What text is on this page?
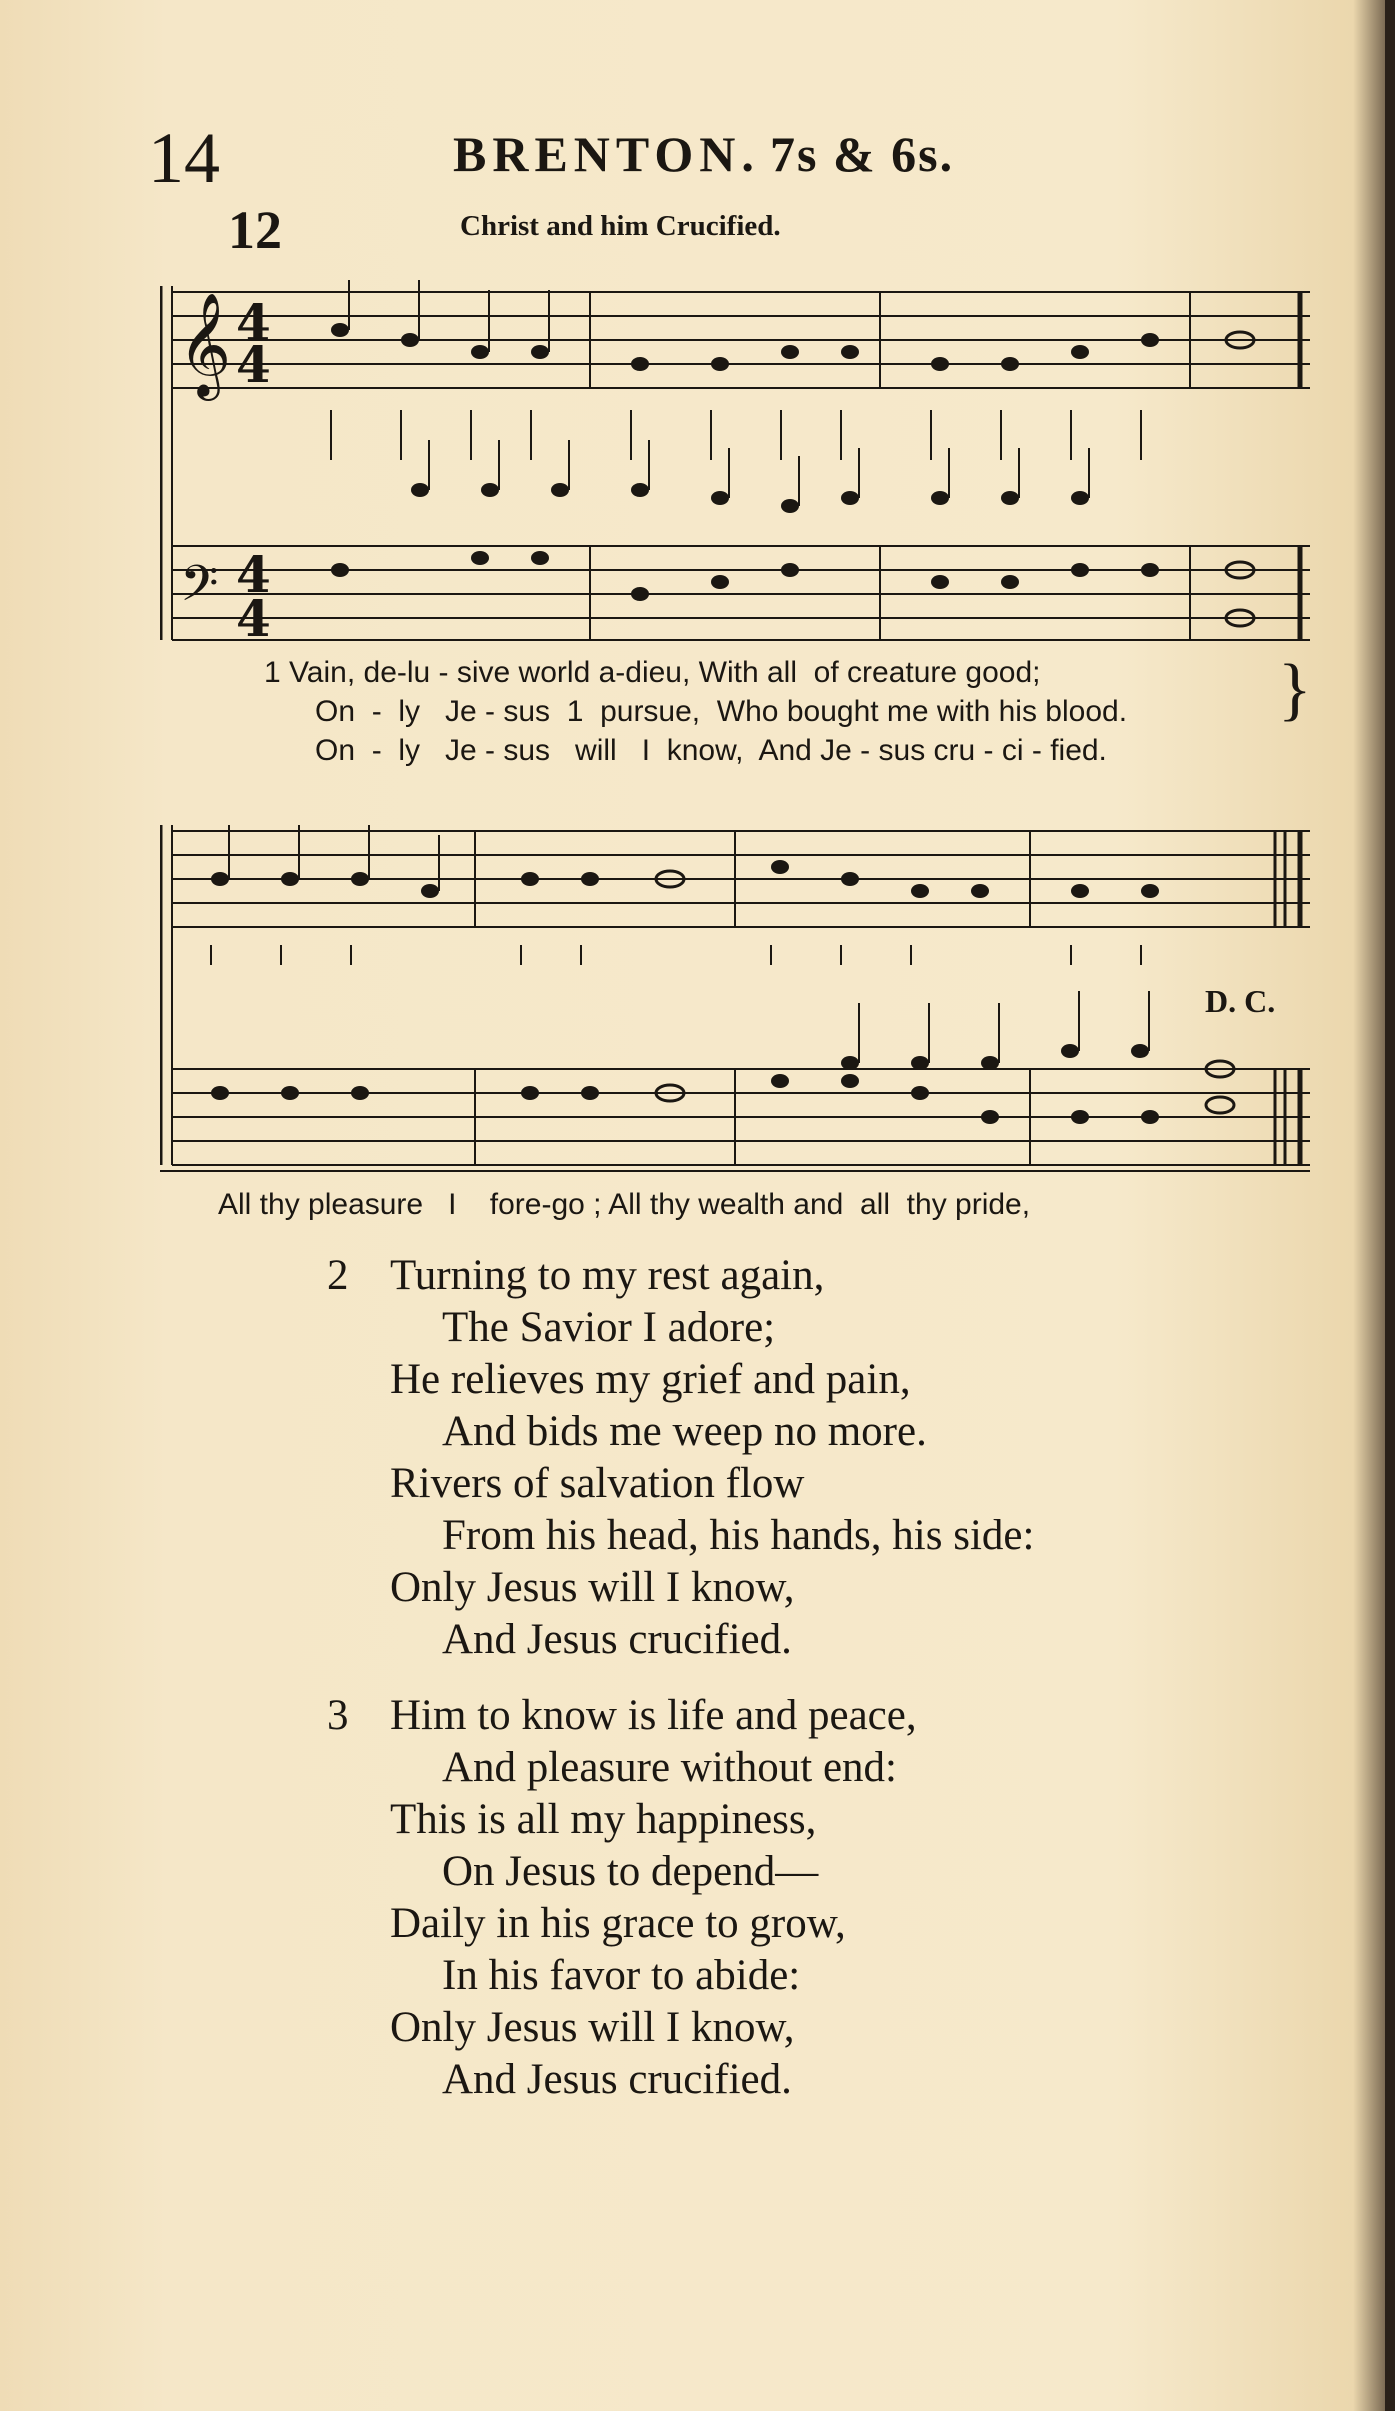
14	BRENTON. 7s & 6s.
12	Christ and him Crucified.
𝄞 4
4
𝄢 4
4
1 Vain, de-lu - sive world a-dieu, With all  of creature good;
On  -  ly   Je - sus  1  pursue,  Who bought me with his blood.
On  -  ly   Je - sus   will   I  know,  And Je - sus cru - ci - fied.
}
D. C.
All thy pleasure   I    fore-go ; All thy wealth and  all  thy pride,
2 Turning to my rest again,
The Savior I adore;
He relieves my grief and pain,
And bids me weep no more.
Rivers of salvation flow
From his head, his hands, his side:
Only Jesus will I know,
And Jesus crucified.
3 Him to know is life and peace,
And pleasure without end:
This is all my happiness,
On Jesus to depend—
Daily in his grace to grow,
In his favor to abide:
Only Jesus will I know,
And Jesus crucified.
